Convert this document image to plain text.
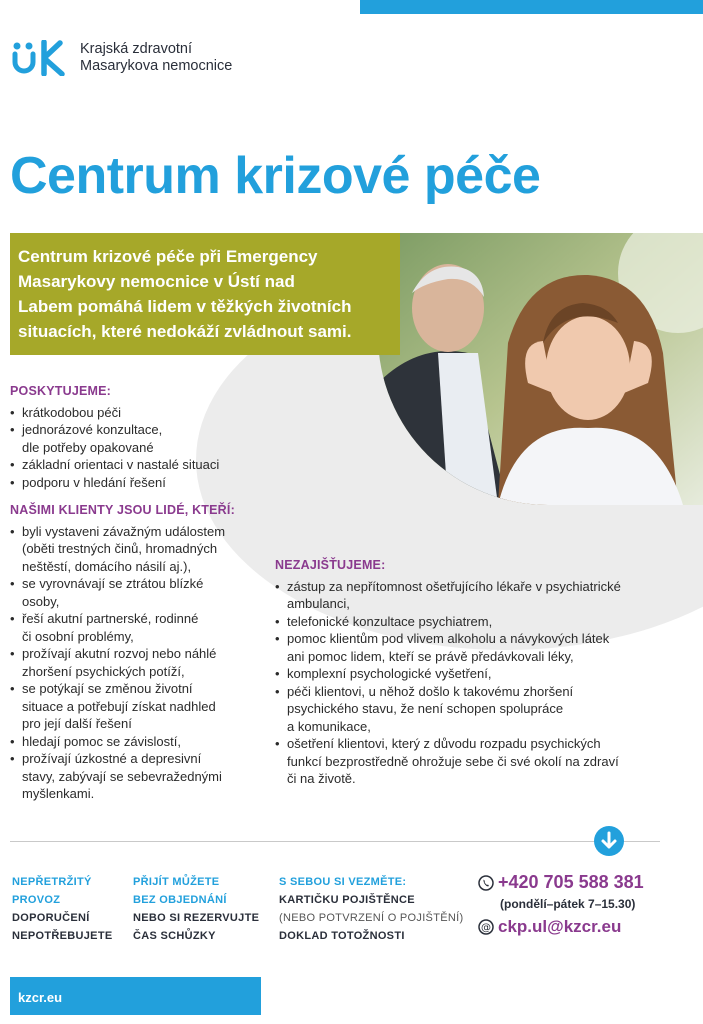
Krajská zdravotní
Masarykova nemocnice
Centrum krizové péče
Centrum krizové péče při Emergency
Masarykovy nemocnice v Ústí nad
Labem pomáhá lidem v těžkých životních
situacích, které nedokáží zvládnout sami.
POSKYTUJEME:
• krátkodobou péči
• jednorázové konzultace,
dle potřeby opakované
• základní orientaci v nastalé situaci
• podporu v hledání řešení
NAŠIMI KLIENTY JSOU LIDÉ, KTEŘÍ:
• byli vystaveni závažným událostem
(oběti trestných činů, hromadných
neštěstí, domácího násilí aj.),
• se vyrovnávají se ztrátou blízké
osoby,
• řeší akutní partnerské, rodinné
či osobní problémy,
• prožívají akutní rozvoj nebo náhlé
zhoršení psychických potíží,
• se potýkají se změnou životní
situace a potřebují získat nadhled
pro její další řešení
• hledají pomoc se závislostí,
• prožívají úzkostné a depresivní
stavy, zabývají se sebevražednými
myšlenkami.
NEZAJIŠŤUJEME:
• zástup za nepřítomnost ošetřujícího lékaře v psychiatrické
ambulanci,
• telefonické konzultace psychiatrem,
• pomoc klientům pod vlivem alkoholu a návykových látek
ani pomoc lidem, kteří se právě předávkovali léky,
• komplexní psychologické vyšetření,
• péči klientovi, u něhož došlo k takovému zhoršení
psychického stavu, že není schopen spolupráce
a komunikace,
• ošetření klientovi, který z důvodu rozpadu psychických
funkcí bezprostředně ohrožuje sebe či své okolí na zdraví
či na životě.
NEPŘETRŽITÝ
PROVOZ
DOPORUČENÍ
NEPOTŘEBUJETE
PŘIJÍT MŮŽETE
BEZ OBJEDNÁNÍ
NEBO SI REZERVUJTE
ČAS SCHŮZKY
S SEBOU SI VEZMĚTE:
KARTIČKU POJIŠTĚNCE
(NEBO POTVRZENÍ O POJIŠTĚNÍ)
DOKLAD TOTOŽNOSTI
+420 705 588 381
(pondělí–pátek 7–15.30)
@ ckp.ul@kzcr.eu
kzcr.eu
